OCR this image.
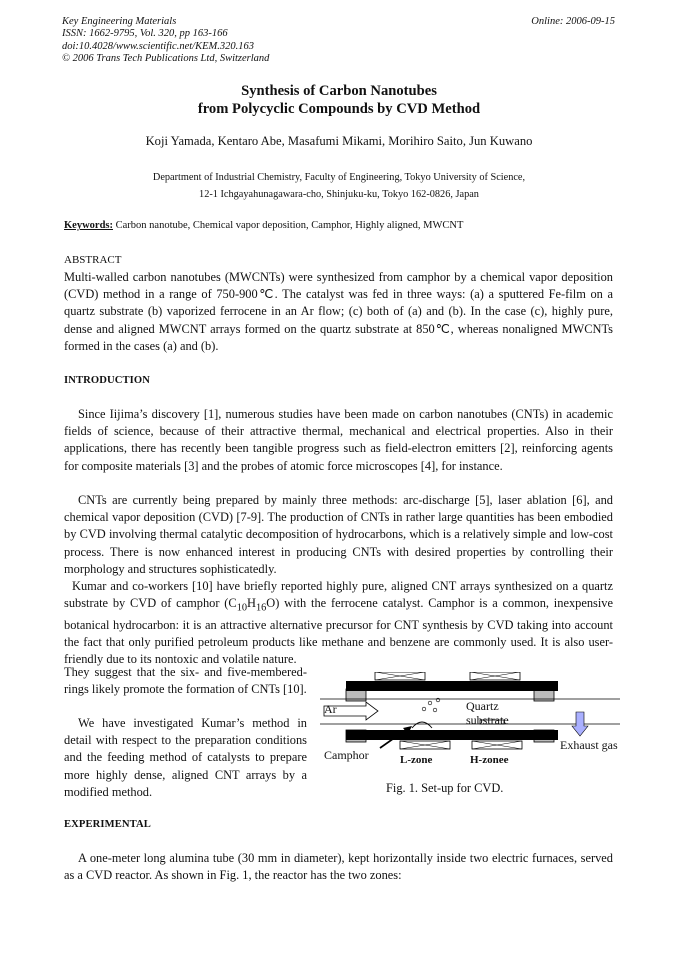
Key Engineering Materials
ISSN: 1662-9795, Vol. 320, pp 163-166
doi:10.4028/www.scientific.net/KEM.320.163
© 2006 Trans Tech Publications Ltd, Switzerland
Online: 2006-09-15
Synthesis of Carbon Nanotubes
from Polycyclic Compounds by CVD Method
Koji Yamada, Kentaro Abe, Masafumi Mikami, Morihiro Saito, Jun Kuwano
Department of Industrial Chemistry, Faculty of Engineering, Tokyo University of Science,
12-1 Ichgayahunagawara-cho, Shinjuku-ku, Tokyo 162-0826, Japan
Keywords: Carbon nanotube, Chemical vapor deposition, Camphor, Highly aligned, MWCNT
ABSTRACT

Multi-walled carbon nanotubes (MWCNTs) were synthesized from camphor by a chemical vapor deposition (CVD) method in a range of 750-900℃. The catalyst was fed in three ways: (a) a sputtered Fe-film on a quartz substrate (b) vaporized ferrocene in an Ar flow; (c) both of (a) and (b). In the case (c), highly pure, dense and aligned MWCNT arrays formed on the quartz substrate at 850℃, whereas nonaligned MWCNTs formed in the cases (a) and (b).

INTRODUCTION

Since Iijima’s discovery [1], numerous studies have been made on carbon nanotubes (CNTs) in academic fields of science, because of their attractive thermal, mechanical and electrical properties. Also in their applications, there has recently been tangible progress such as field-electron emitters [2], reinforcing agents for composite materials [3] and the probes of atomic force microscopes [4], for instance.

CNTs are currently being prepared by mainly three methods: arc-discharge [5], laser ablation [6], and chemical vapor deposition (CVD) [7-9]. The production of CNTs in rather large quantities has been embodied by CVD involving thermal catalytic decomposition of hydrocarbons, which is a relatively simple and low-cost process. There is now enhanced interest in producing CNTs with desired properties by controlling their morphology and structures sophisticatedly.

Kumar and co-workers [10] have briefly reported highly pure, aligned CNT arrays synthesized on a quartz substrate by CVD of camphor $(C_{10}H_{16}O)$ with the ferrocene catalyst. Camphor is a common, inexpensive botanical hydrocarbon: it is an attractive alternative precursor for CNT synthesis by CVD taking into account the fact that only purified petroleum products like methane and benzene are commonly used. It is also user-friendly due to its nontoxic and volatile nature.

They suggest that the six- and five-membered-rings likely promote the formation of CNTs [10].

We have investigated Kumar’s method in detail with respect to the preparation conditions and the feeding method of catalysts to prepare more highly dense, aligned CNT arrays by a modified method.

Ar	Quartz
substrate
Exhaust gas
Camphor	L-zone	H-zonee
Fig. 1. Set-up for CVD.
EXPERIMENTAL

A one-meter long alumina tube (30 mm in diameter), kept horizontally inside two electric furnaces, served as a CVD reactor. As shown in Fig. 1, the reactor has the two zones:
